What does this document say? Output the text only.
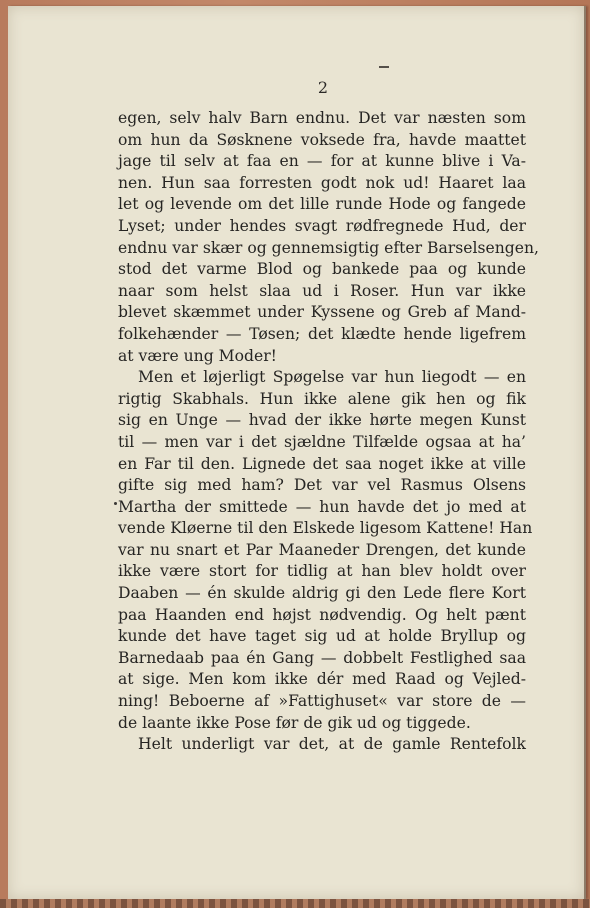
2
egen, selv halv Barn endnu. Det var næsten som
om hun da Søsknene voksede fra, havde maattet
jage til selv at faa en — for at kunne blive i Va-
nen. Hun saa forresten godt nok ud! Haaret laa
let og levende om det lille runde Hode og fangede
Lyset; under hendes svagt rødfregnede Hud, der
endnu var skær og gennemsigtig efter Barselsengen,
stod det varme Blod og bankede paa og kunde
naar som helst slaa ud i Roser. Hun var ikke
blevet skæmmet under Kyssene og Greb af Mand-
folkehænder — Tøsen; det klædte hende ligefrem
at være ung Moder!
Men et løjerligt Spøgelse var hun liegodt — en
rigtig Skabhals. Hun ikke alene gik hen og fik
sig en Unge — hvad der ikke hørte megen Kunst
til — men var i det sjældne Tilfælde ogsaa at ha’
en Far til den. Lignede det saa noget ikke at ville
gifte sig med ham? Det var vel Rasmus Olsens
Martha der smittede — hun havde det jo med at
vende Kløerne til den Elskede ligesom Kattene! Han
var nu snart et Par Maaneder Drengen, det kunde
ikke være stort for tidlig at han blev holdt over
Daaben — én skulde aldrig gi den Lede flere Kort
paa Haanden end højst nødvendig. Og helt pænt
kunde det have taget sig ud at holde Bryllup og
Barnedaab paa én Gang — dobbelt Festlighed saa
at sige. Men kom ikke dér med Raad og Vejled-
ning! Beboerne af »Fattighuset« var store de —
de laante ikke Pose før de gik ud og tiggede.
Helt underligt var det, at de gamle Rentefolk
